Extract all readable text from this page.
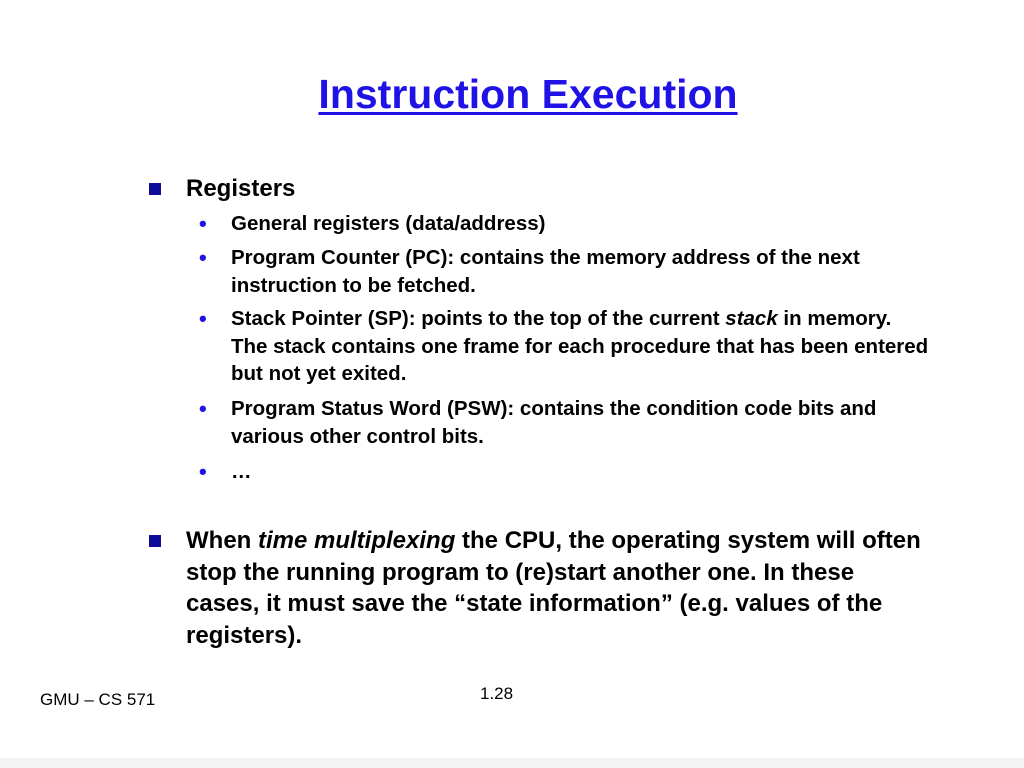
Instruction Execution
Registers
• General registers (data/address)
• Program Counter (PC): contains the memory address of the next instruction to be fetched.
• Stack Pointer (SP): points to the top of the current stack in memory. The stack contains one frame for each procedure that has been entered but not yet exited.
• Program Status Word (PSW): contains the condition code bits and various other control bits.
• …
When time multiplexing the CPU, the operating system will often stop the running program to (re)start another one. In these cases, it must save the “state information” (e.g. values of the registers).
GMU – CS 571	1.28
